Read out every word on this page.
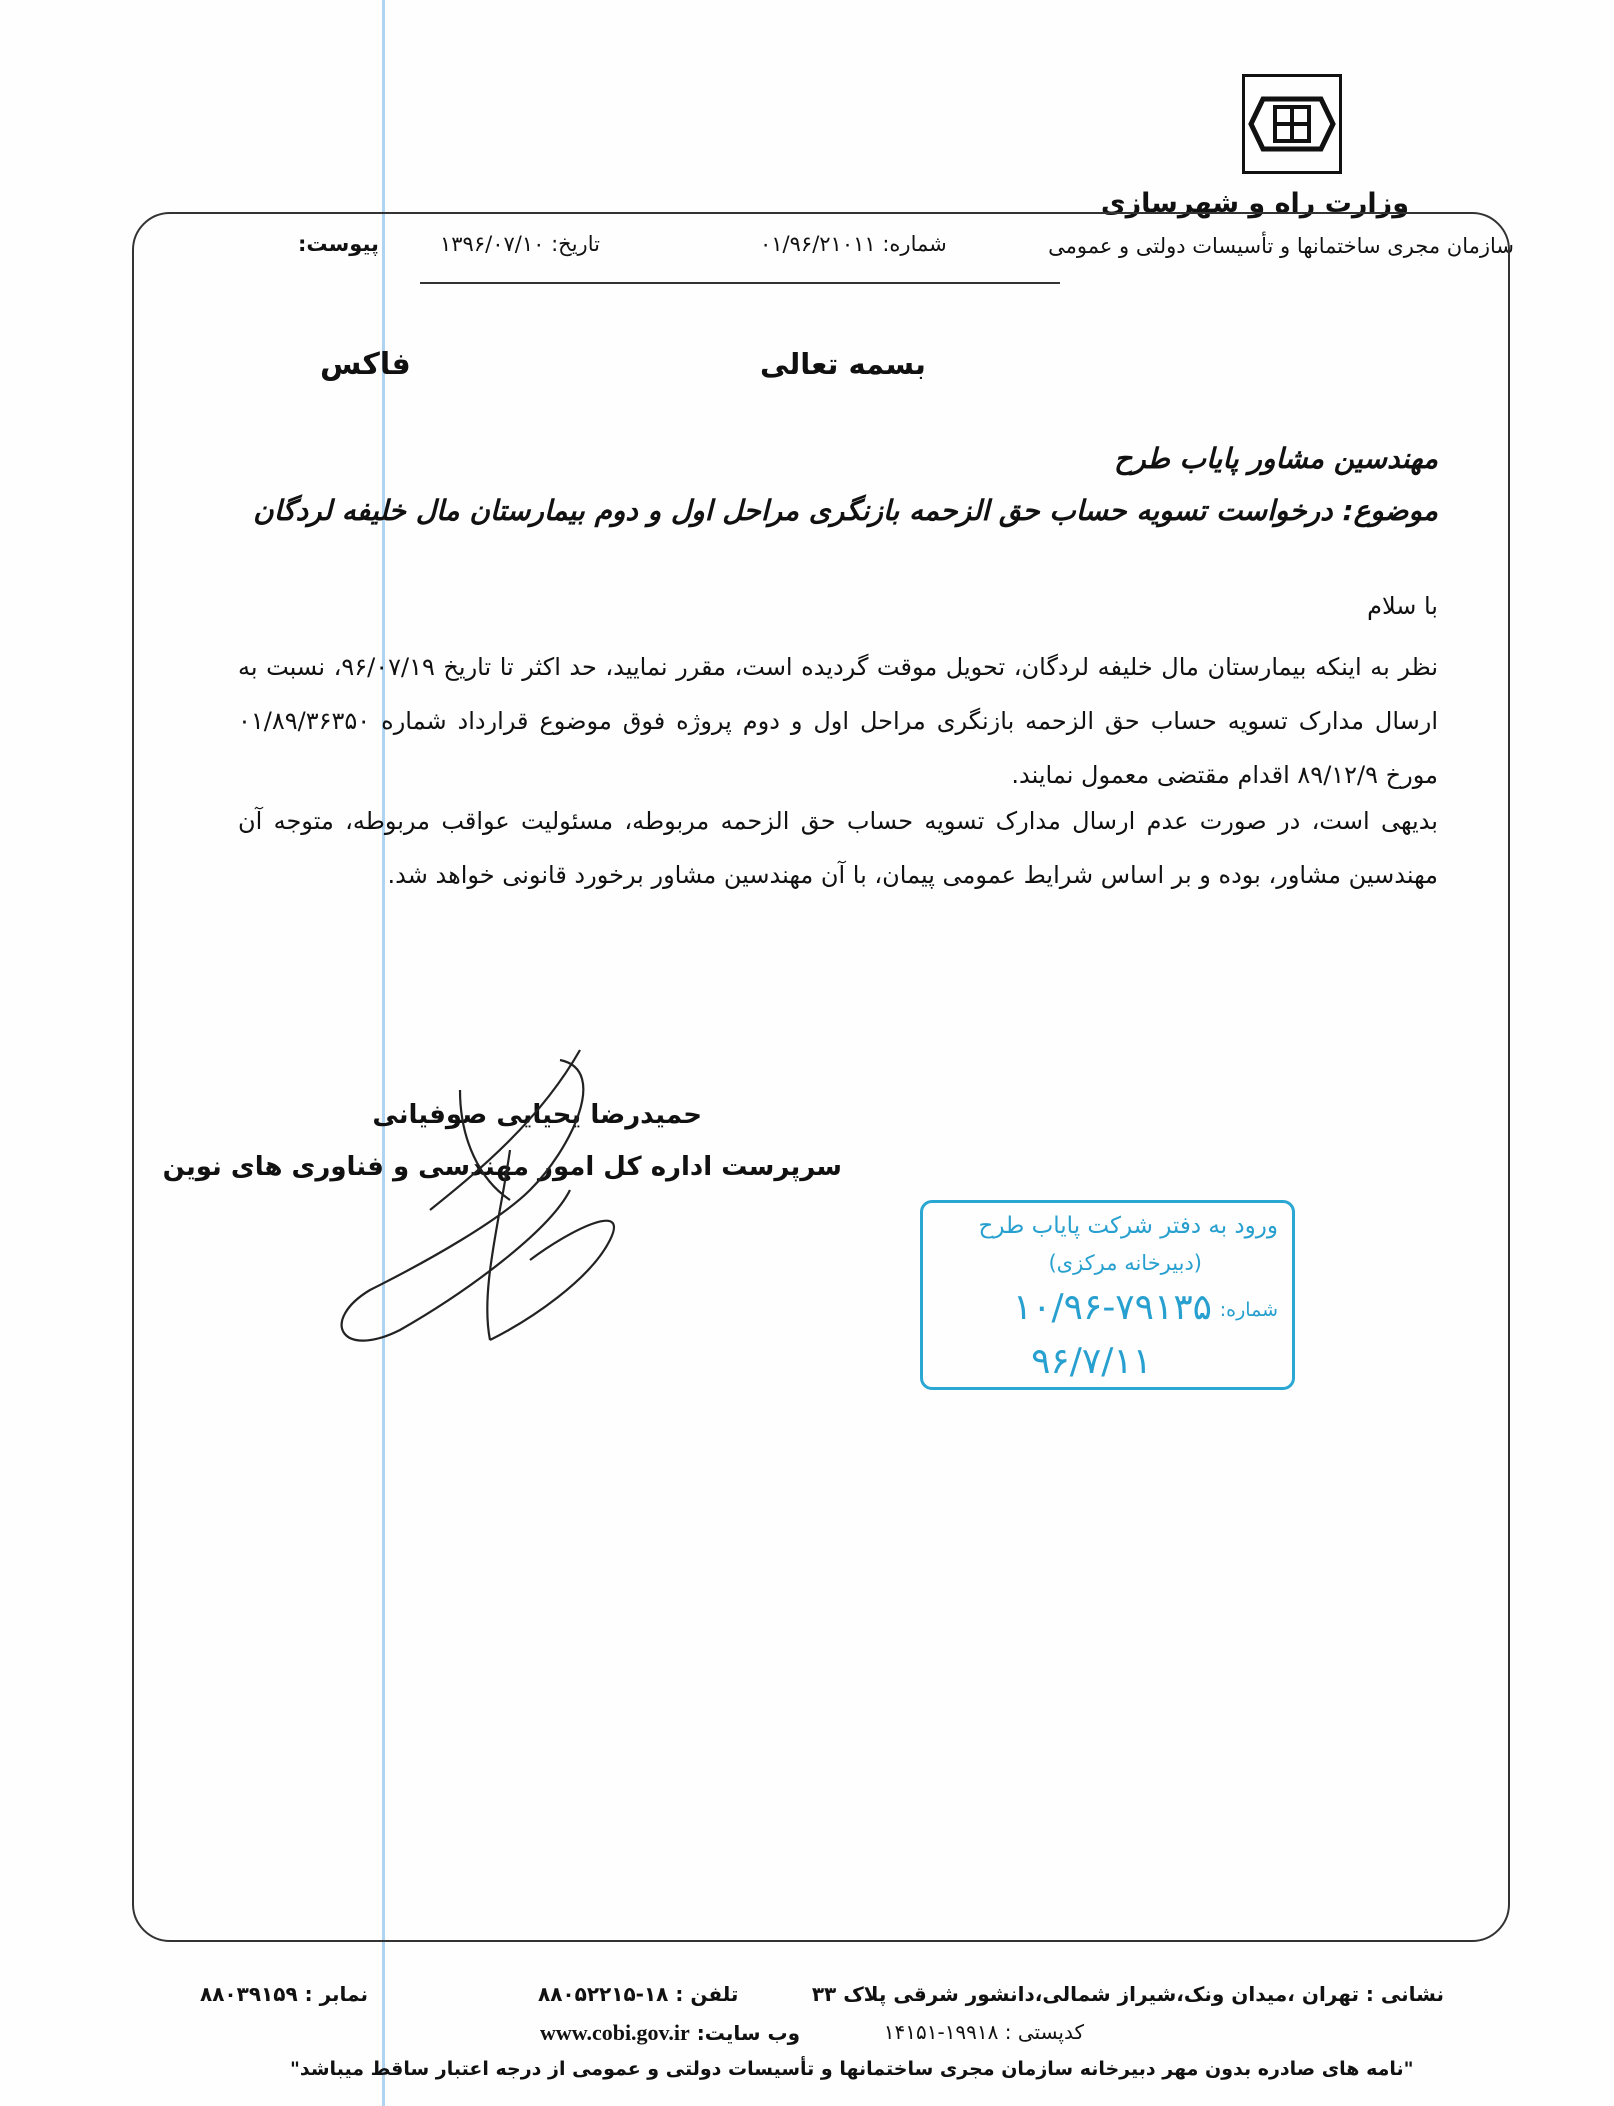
وزارت راه و شهرسازی
سازمان مجری ساختمانها و تأسیسات دولتی و عمومی
شماره: ۰۱/۹۶/۲۱۰۱۱
تاریخ: ۱۳۹۶/۰۷/۱۰
پیوست:
بسمه تعالی
فاکس
مهندسین مشاور پایاب طرح
موضوع: درخواست تسویه حساب حق الزحمه بازنگری مراحل اول و دوم بیمارستان مال خلیفه لردگان
با سلام
نظر به اینکه بیمارستان مال خلیفه لردگان، تحویل موقت گردیده است، مقرر نمایید، حد اکثر تا تاریخ ۹۶/۰۷/۱۹، نسبت به ارسال مدارک تسویه حساب حق الزحمه بازنگری مراحل اول و دوم پروژه فوق موضوع قرارداد شماره ۰۱/۸۹/۳۶۳۵۰ مورخ ۸۹/۱۲/۹ اقدام مقتضی معمول نمایند.
بدیهی است، در صورت عدم ارسال مدارک تسویه حساب حق الزحمه مربوطه، مسئولیت عواقب مربوطه، متوجه آن مهندسین مشاور، بوده و بر اساس شرایط عمومی پیمان، با آن مهندسین مشاور برخورد قانونی خواهد شد.
حمیدرضا یحیایی صوفیانی
سرپرست اداره کل امور مهندسی و فناوری های نوین
ورود به دفتر شرکت پایاب طرح
(دبیرخانه مرکزی)
شماره:
۱۰/۹۶-۷۹۱۳۵
۹۶/۷/۱۱
نشانی : تهران ،میدان ونک،شیراز شمالی،دانشور شرقی پلاک ۳۳
کدپستی : ۱۹۹۱۸-۱۴۱۵۱
تلفن : ۱۸-۸۸۰۵۲۲۱۵
www.cobi.gov.ir وب سایت:
۸۸۰۳۹۱۵۹ نمابر :
"نامه های صادره بدون مهر دبیرخانه سازمان مجری ساختمانها و تأسیسات دولتی و عمومی از درجه اعتبار ساقط میباشد"
